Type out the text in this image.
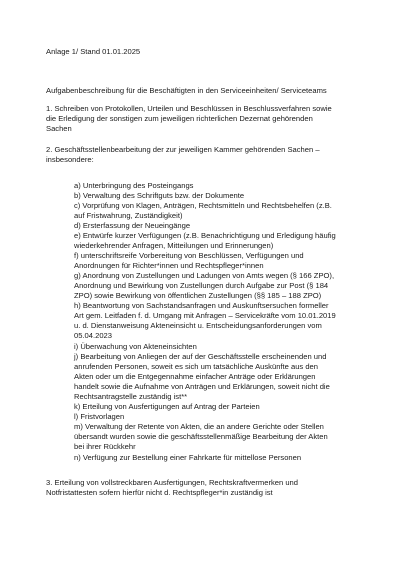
Anlage 1/ Stand 01.01.2025
Aufgabenbeschreibung für die Beschäftigten in den Serviceeinheiten/ Serviceteams
1. Schreiben von Protokollen, Urteilen und Beschlüssen in Beschlussverfahren sowie
die Erledigung der sonstigen zum jeweiligen richterlichen Dezernat gehörenden
Sachen
2. Geschäftsstellenbearbeitung der zur jeweiligen Kammer gehörenden Sachen –
insbesondere:
a) Unterbringung des Posteingangs
b) Verwaltung des Schriftguts bzw. der Dokumente
c) Vorprüfung von Klagen, Anträgen, Rechtsmitteln und Rechtsbehelfen (z.B.
auf Fristwahrung, Zuständigkeit)
d) Ersterfassung der Neueingänge
e) Entwürfe kurzer Verfügungen (z.B. Benachrichtigung und Erledigung häufig
wiederkehrender Anfragen, Mitteilungen und Erinnerungen)
f) unterschriftsreife Vorbereitung von Beschlüssen, Verfügungen und
Anordnungen für Richter*innen und Rechtspfleger*innen
g) Anordnung von Zustellungen und Ladungen von Amts wegen (§ 166 ZPO),
Anordnung und Bewirkung von Zustellungen durch Aufgabe zur Post (§ 184
ZPO) sowie Bewirkung von öffentlichen Zustellungen (§§ 185 – 188 ZPO)
h) Beantwortung von Sachstandsanfragen und Auskunftsersuchen formeller
Art gem. Leitfaden f. d. Umgang mit Anfragen – Servicekräfte vom 10.01.2019
u. d. Dienstanweisung Akteneinsicht u. Entscheidungsanforderungen vom
05.04.2023
i) Überwachung von Akteneinsichten
j) Bearbeitung von Anliegen der auf der Geschäftsstelle erscheinenden und
anrufenden Personen, soweit es sich um tatsächliche Auskünfte aus den
Akten oder um die Entgegennahme einfacher Anträge oder Erklärungen
handelt sowie die Aufnahme von Anträgen und Erklärungen, soweit nicht die
Rechtsantragstelle zuständig ist**
k) Erteilung von Ausfertigungen auf Antrag der Parteien
l) Fristvorlagen
m) Verwaltung der Retente von Akten, die an andere Gerichte oder Stellen
übersandt wurden sowie die geschäftsstellenmäßige Bearbeitung der Akten
bei ihrer Rückkehr
n) Verfügung zur Bestellung einer Fahrkarte für mittellose Personen
3. Erteilung von vollstreckbaren Ausfertigungen, Rechtskraftvermerken und
Notfristattesten sofern hierfür nicht d. Rechtspfleger*in zuständig ist
